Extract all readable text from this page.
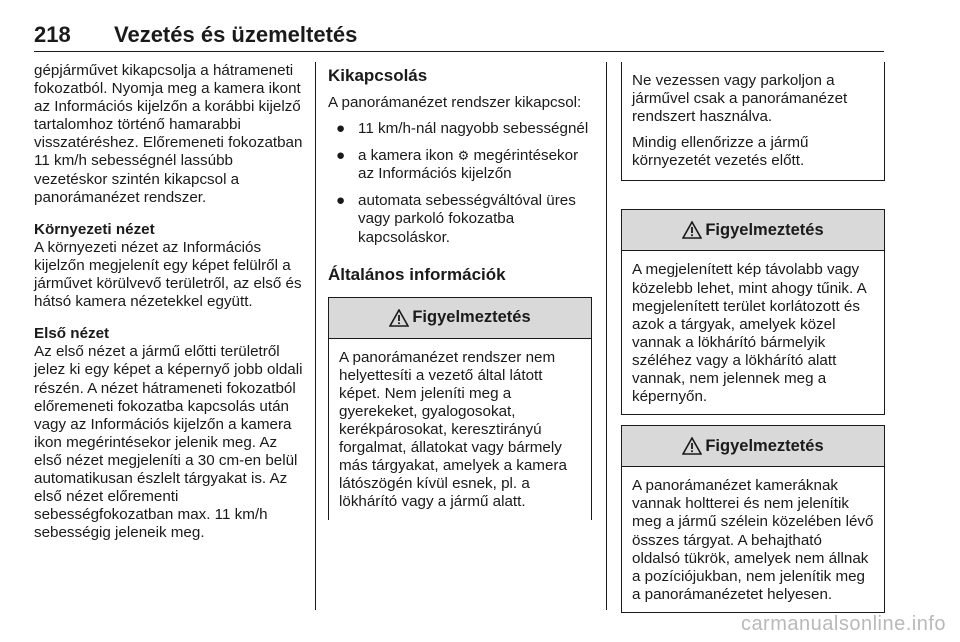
218	Vezetés és üzemeltetés

gépjárművet kikapcsolja a hátrameneti fokozatból. Nyomja meg a kamera ikont az Információs kijelzőn a korábbi kijelző tartalomhoz történő hamarabbi visszatéréshez. Előremeneti fokozatban 11 km/h sebességnél lassúbb vezetéskor szintén kikapcsol a panorámanézet rendszer.

Környezeti nézet
A környezeti nézet az Információs kijelzőn megjelenít egy képet felülről a járművet körülvevő területről, az első és hátsó kamera nézetekkel együtt.

Első nézet
Az első nézet a jármű előtti területről jelez ki egy képet a képernyő jobb oldali részén. A nézet hátrameneti fokozatból előremeneti fokozatba kapcsolás után vagy az Információs kijelzőn a kamera ikon megérintésekor jelenik meg. Az első nézet megjeleníti a 30 cm-en belül automatikusan észlelt tárgyakat is. Az első nézet előrementi sebességfokozatban max. 11 km/h sebességig jeleneik meg.

Kikapcsolás

A panorámanézet rendszer kikapcsol:

● 11 km/h-nál nagyobb sebességnél
● a kamera ikon ⚙ megérintésekor az Információs kijelzőn
● automata sebességváltóval üres vagy parkoló fokozatba kapcsoláskor.
Általános információk
Figyelmeztetés
A panorámanézet rendszer nem helyettesíti a vezető által látott képet. Nem jeleníti meg a gyerekeket, gyalogosokat, kerékpárosokat, keresztirányú forgalmat, állatokat vagy bármely más tárgyakat, amelyek a kamera látószögén kívül esnek, pl. a lökhárító vagy a jármű alatt.

Ne vezessen vagy parkoljon a járművel csak a panorámanézet rendszert használva.

Mindig ellenőrizze a jármű környezetét vezetés előtt.

Figyelmeztetés
A megjelenített kép távolabb vagy közelebb lehet, mint ahogy tűnik. A megjelenített terület korlátozott és azok a tárgyak, amelyek közel vannak a lökhárító bármelyik széléhez vagy a lökhárító alatt vannak, nem jelennek meg a képernyőn.
Figyelmeztetés
A panorámanézet kameráknak vannak holtterei és nem jelenítik meg a jármű szélein közelében lévő összes tárgyat. A behajtható oldalsó tükrök, amelyek nem állnak a pozíciójukban, nem jelenítik meg a panorámanézetet helyesen.
carmanualsonline.info
